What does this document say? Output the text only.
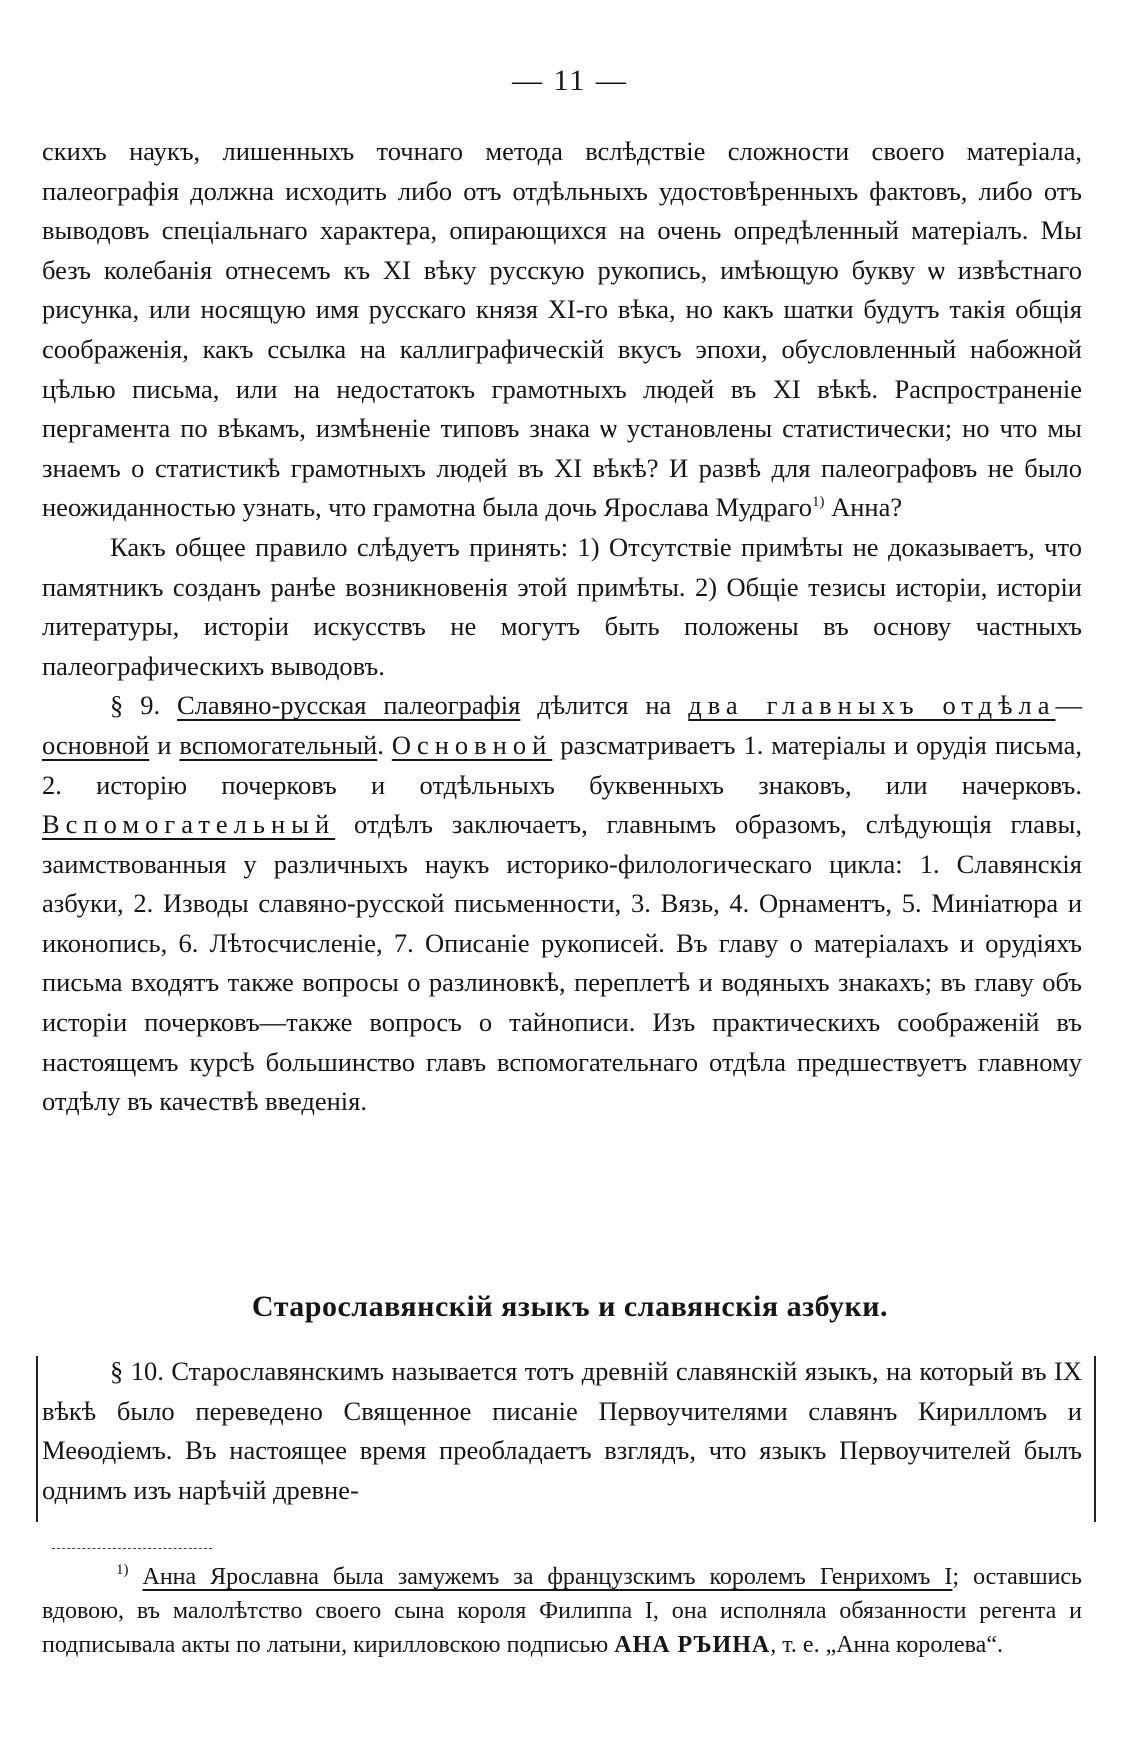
— 11 —

скихъ наукъ, лишенныхъ точнаго метода вслѣдствіе сложности своего матеріала, палеографія должна исходить либо отъ отдѣльныхъ удостовѣренныхъ фактовъ, либо отъ выводовъ спеціальнаго характера, опирающихся на очень опредѣленный матеріалъ. Мы безъ колебанія отнесемъ къ XI вѣку русскую рукопись, имѣющую букву ѡ извѣстнаго рисунка, или носящую имя русскаго князя XI-го вѣка, но какъ шатки будутъ такія общія соображенія, какъ ссылка на каллиграфическій вкусъ эпохи, обусловленный набожной цѣлью письма, или на недостатокъ грамотныхъ людей въ XI вѣкѣ. Распространеніе пергамента по вѣкамъ, измѣненіе типовъ знака ѡ установлены статистически; но что мы знаемъ о статистикѣ грамотныхъ людей въ XI вѣкѣ? И развѣ для палеографовъ не было неожиданностью узнать, что грамотна была дочь Ярослава Мудраго$^{1)}$ Анна?

Какъ общее правило слѣдуетъ принять: 1) Отсутствіе примѣты не доказываетъ, что памятникъ созданъ ранѣе возникновенія этой примѣты. 2) Общіе тезисы исторіи, исторіи литературы, исторіи искусствъ не могутъ быть положены въ основу частныхъ палеографическихъ выводовъ.

§ 9. Славяно-русская палеографія дѣлится на два главныхъ отдѣла—основной и вспомогательный. Основной разсматриваетъ 1. матеріалы и орудія письма, 2. исторію почерковъ и отдѣльныхъ буквенныхъ знаковъ, или начерковъ. Вспомогательный отдѣлъ заключаетъ, главнымъ образомъ, слѣдующія главы, заимствованныя у различныхъ наукъ историко-филологическаго цикла: 1. Славянскія азбуки, 2. Изводы славяно-русской письменности, 3. Вязь, 4. Орнаментъ, 5. Миніатюра и иконопись, 6. Лѣтосчисленіе, 7. Описаніе рукописей. Въ главу о матеріалахъ и орудіяхъ письма входятъ также вопросы о разлиновкѣ, переплетѣ и водяныхъ знакахъ; въ главу объ исторіи почерковъ—также вопросъ о тайнописи. Изъ практическихъ соображеній въ настоящемъ курсѣ большинство главъ вспомогательнаго отдѣла предшествуетъ главному отдѣлу въ качествѣ введенія.

Старославянскій языкъ и славянскія азбуки.

§ 10. Старославянскимъ называется тотъ древній славянскій языкъ, на который въ IX вѣкѣ было переведено Священное писаніе Первоучителями славянъ Кирилломъ и Меѳодіемъ. Въ настоящее время преобладаетъ взглядъ, что языкъ Первоучителей былъ однимъ изъ нарѣчій древне-

$^{1)}$ Анна Ярославна была замужемъ за французскимъ королемъ Генрихомъ I; оставшись вдовою, въ малолѣтство своего сына короля Филиппа I, она исполняла обязанности регента и подписывала акты по латыни, кирилловскою подписью АНА РЪИНА, т. е. „Анна королева“.
